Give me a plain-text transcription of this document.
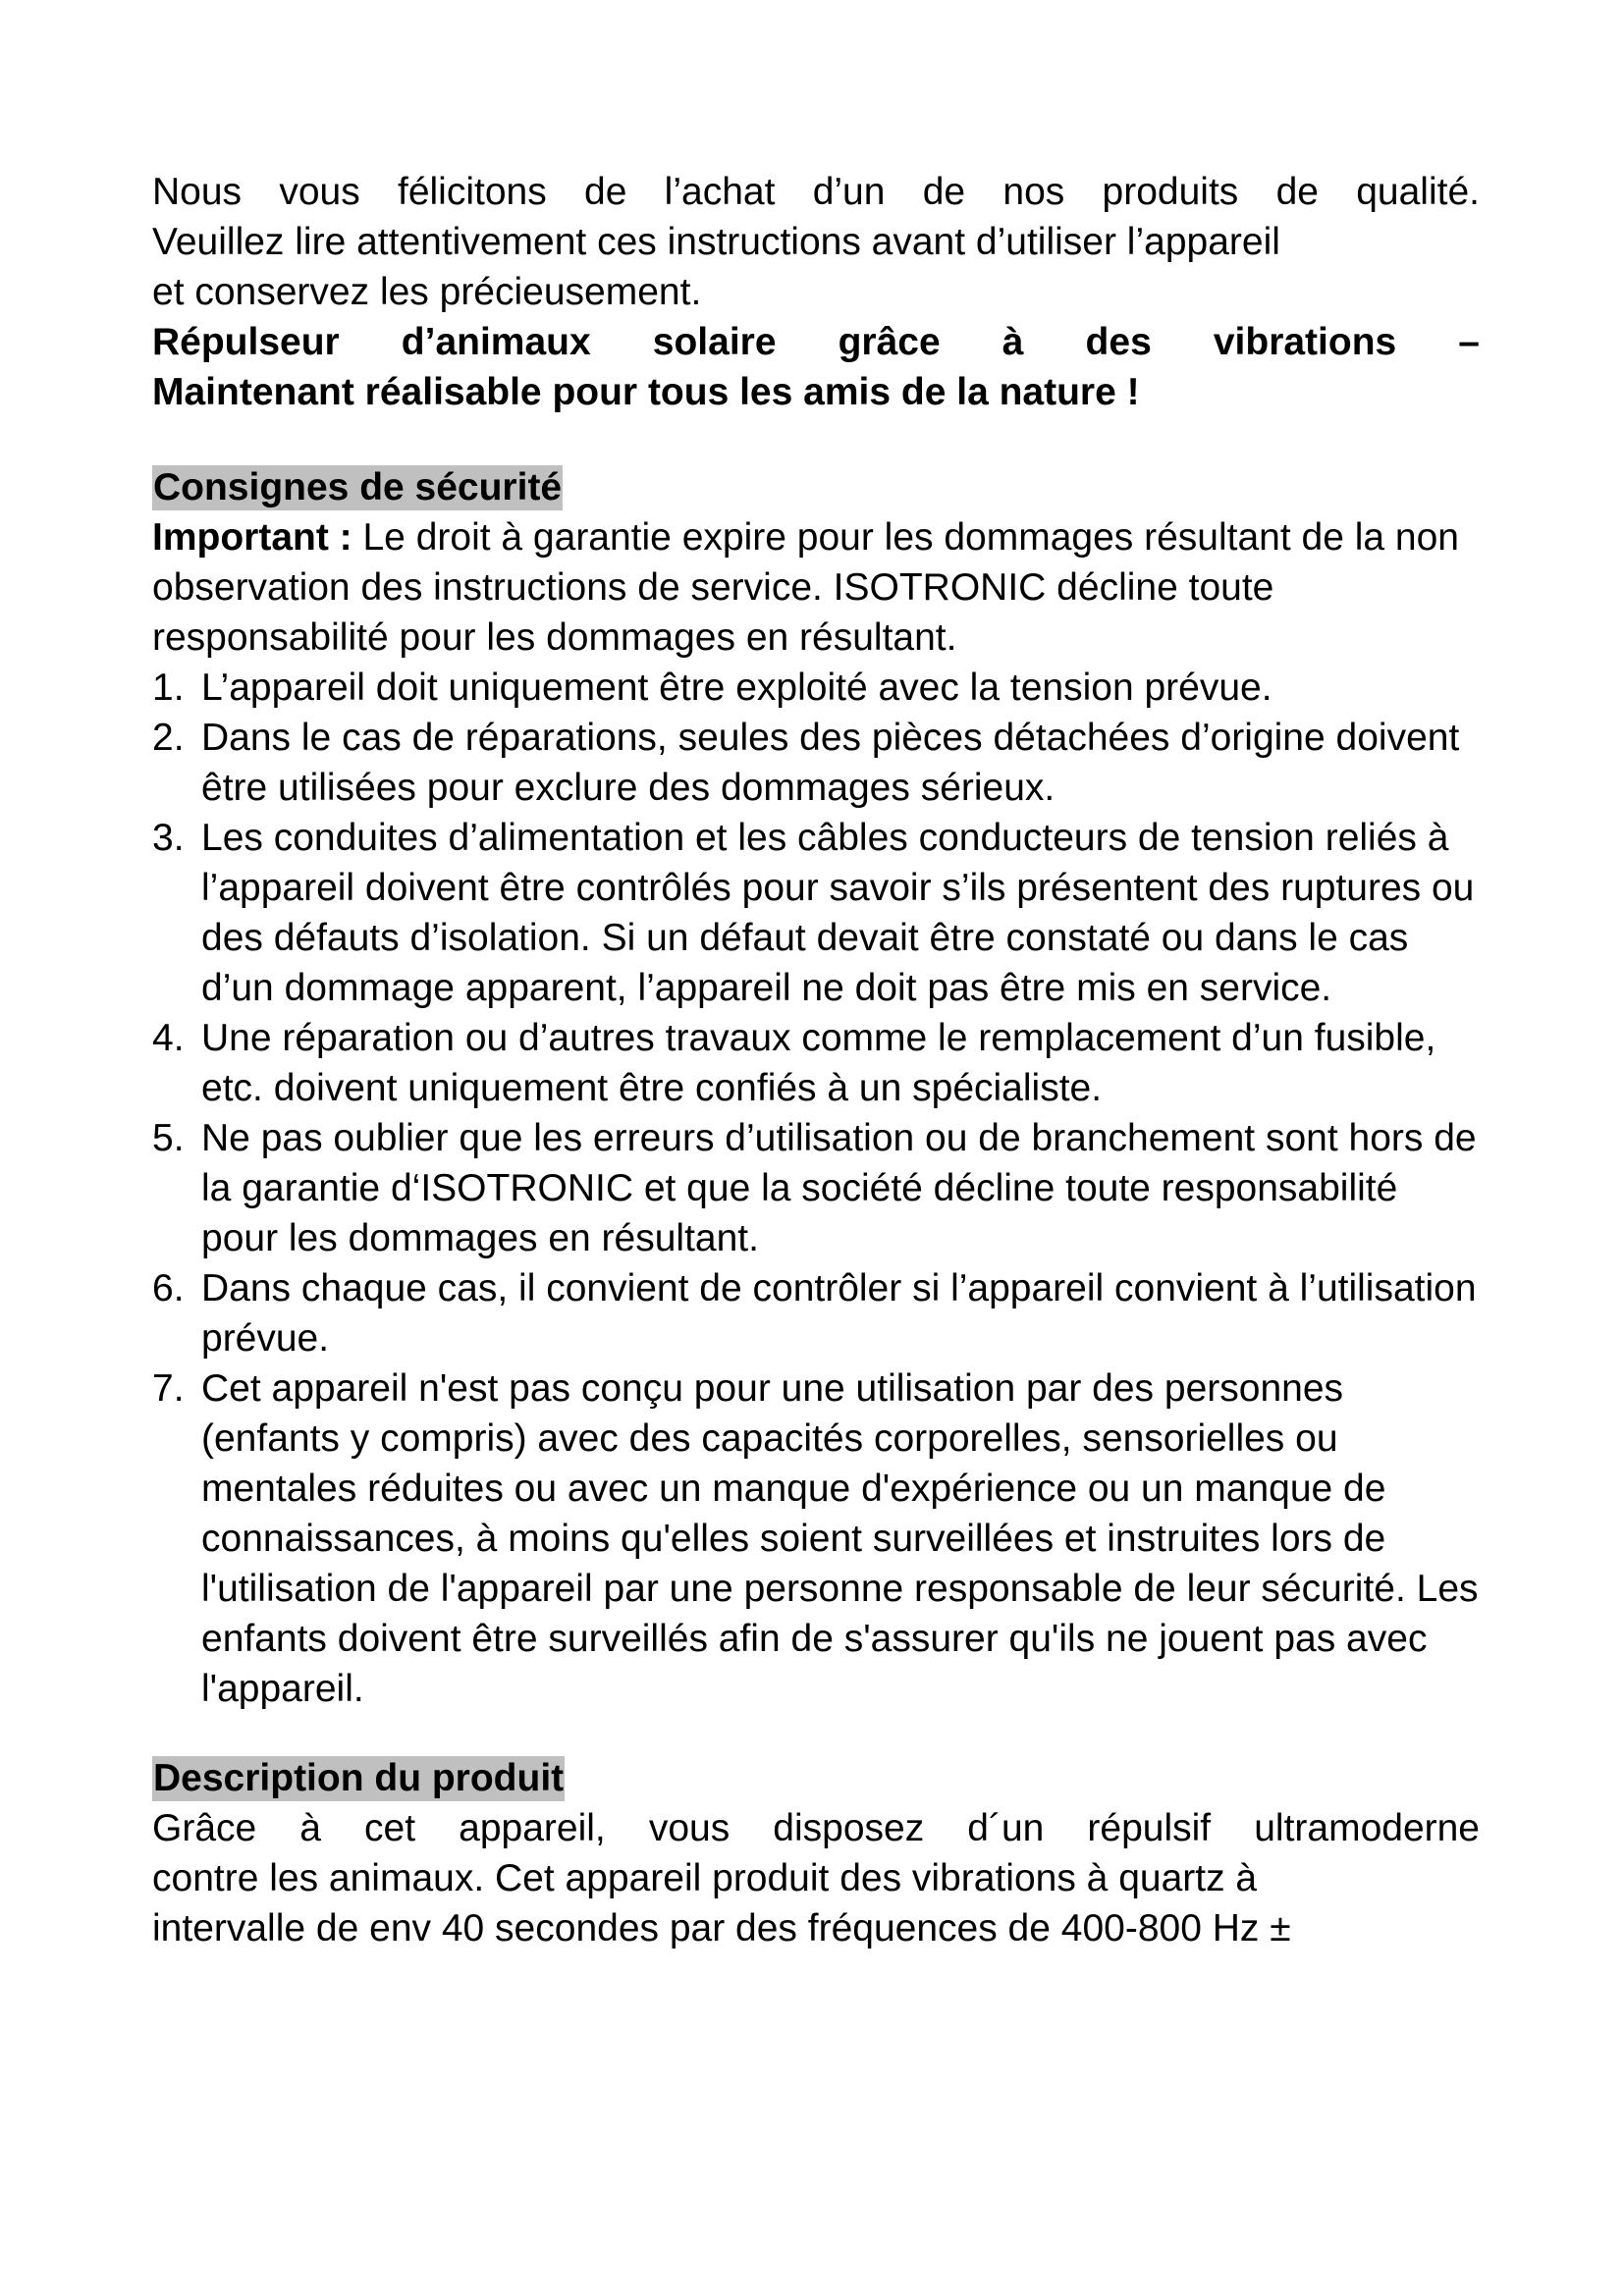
Nous vous félicitons de l’achat d’un de nos produits de qualité.

Veuillez lire attentivement ces instructions avant d’utiliser l’appareil

et conservez les précieusement.

Répulseur d’animaux solaire grâce à des vibrations –

Maintenant réalisable pour tous les amis de la nature !

Consignes de sécurité

Important : Le droit à garantie expire pour les dommages résultant de la non observation des instructions de service. ISOTRONIC décline toute responsabilité pour les dommages en résultant.

1. L’appareil doit uniquement être exploité avec la tension prévue.
2. Dans le cas de réparations, seules des pièces détachées d’origine doivent être utilisées pour exclure des dommages sérieux.
3. Les conduites d’alimentation et les câbles conducteurs de tension reliés à l’appareil doivent être contrôlés pour savoir s’ils présentent des ruptures ou des défauts d’isolation. Si un défaut devait être constaté ou dans le cas d’un dommage apparent, l’appareil ne doit pas être mis en service.
4. Une réparation ou d’autres travaux comme le remplacement d’un fusible, etc. doivent uniquement être confiés à un spécialiste.
5. Ne pas oublier que les erreurs d’utilisation ou de branchement sont hors de la garantie d‘ISOTRONIC et que la société décline toute responsabilité pour les dommages en résultant.
6. Dans chaque cas, il convient de contrôler si l’appareil convient à l’utilisation prévue.
7. Cet appareil n'est pas conçu pour une utilisation par des personnes (enfants y compris) avec des capacités corporelles, sensorielles ou mentales réduites ou avec un manque d'expérience ou un manque de connaissances, à moins qu'elles soient surveillées et instruites lors de l'utilisation de l'appareil par une personne responsable de leur sécurité. Les enfants doivent être surveillés afin de s'assurer qu'ils ne jouent pas avec l'appareil.
Description du produit

Grâce à cet appareil, vous disposez d´un répulsif ultramoderne

contre les animaux. Cet appareil produit des vibrations à quartz à

intervalle de env 40 secondes par des fréquences de 400-800 Hz ±
